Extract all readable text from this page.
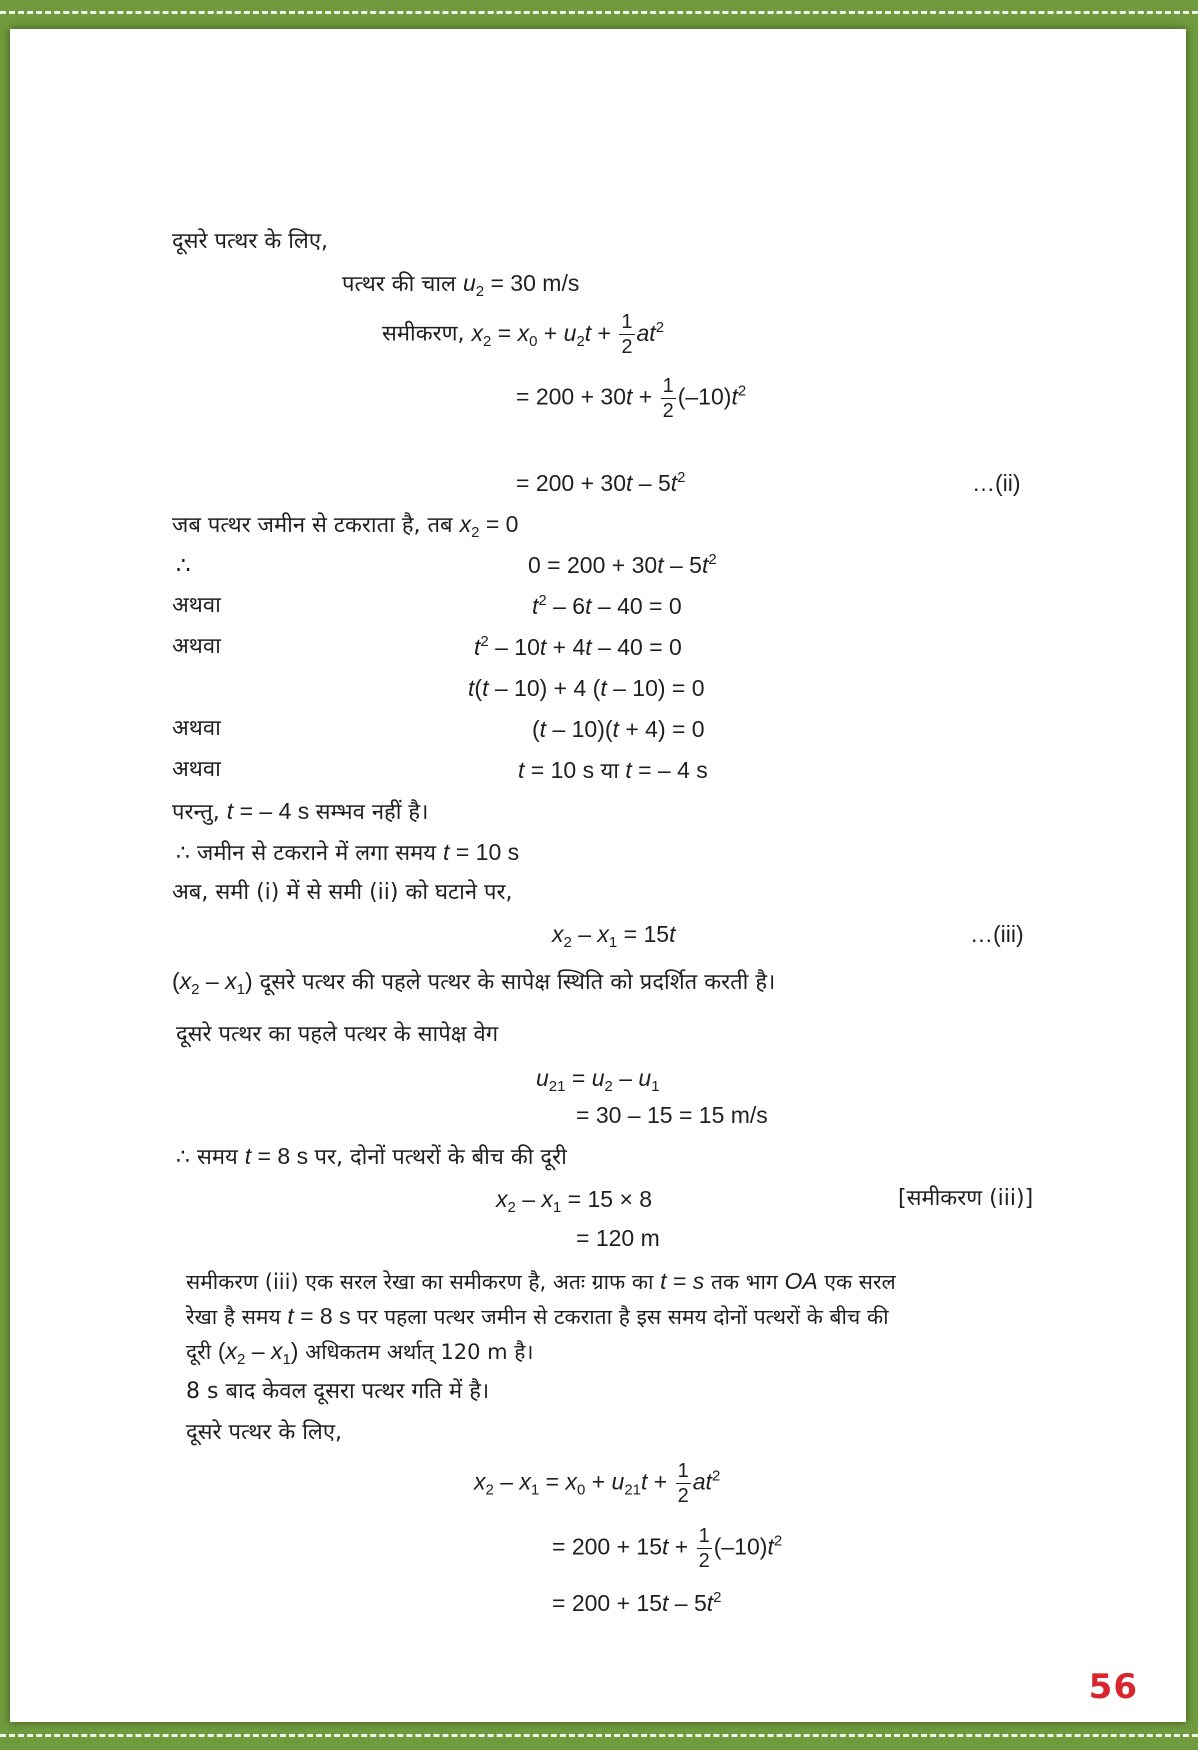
दूसरे पत्थर के लिए,
पत्थर की चाल $u_2 = 30$ m/s
समीकरण, $x_2 = x_0 + u_2t + \frac{1}{2} at^2$
= $200 + 30t + \frac{1}{2} (-10)t^2$
= $200 + 30t - 5t^2$	…(ii)
जब पत्थर जमीन से टकराता है, तब $x_2 = 0$
∴	$0 = 200 + 30t - 5t^2$
अथवा	$t^2 - 6t - 40 = 0$
अथवा	$t^2 - 10t + 4t - 40 = 0$
t(t – 10) + 4 (t – 10) = 0
अथवा	(t – 10)(t + 4) = 0
अथवा	t = 10 s या t = – 4 s
परन्तु, t = – 4 s सम्भव नहीं है।
∴ जमीन से टकराने में लगा समय t = 10 s
अब, समी (i) में से समी (ii) को घटाने पर,
$x_2 - x_1 = 15t$	…(iii)
$(x_2 - x_1)$ दूसरे पत्थर की पहले पत्थर के सापेक्ष स्थिति को प्रदर्शित करती है।
दूसरे पत्थर का पहले पत्थर के सापेक्ष वेग
$u_{21} = u_2 - u_1$
= 30 – 15 = 15 m/s
∴ समय t = 8 s पर, दोनों पत्थरों के बीच की दूरी
$x_2 - x_1 = 15 \times 8$	[समीकरण (iii)]
= 120 m
समीकरण (iii) एक सरल रेखा का समीकरण है, अतः ग्राफ का t = s तक भाग OA एक सरल
रेखा है समय t = 8 s पर पहला पत्थर जमीन से टकराता है इस समय दोनों पत्थरों के बीच की
दूरी $(x_2 - x_1)$ अधिकतम अर्थात् 120 m है।
8 s बाद केवल दूसरा पत्थर गति में है।
दूसरे पत्थर के लिए,
$x_2 - x_1 = x_0 + u_{21}t + \frac{1}{2} at^2$
= $200 + 15t + \frac{1}{2} (-10)t^2$
= $200 + 15t - 5t^2$
56
